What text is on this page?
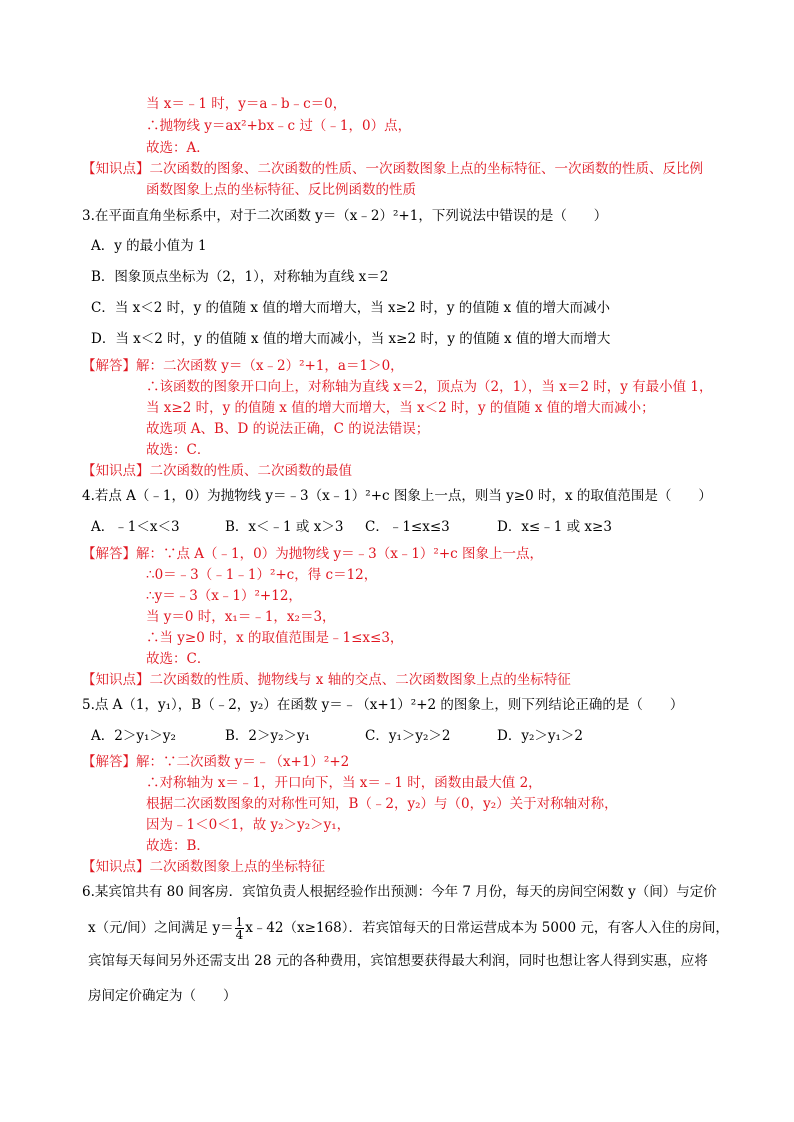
当 x＝﹣1 时，y＝a﹣b﹣c＝0，
∴抛物线 y＝ax²+bx﹣c 过（﹣1，0）点，
故选：A．
【知识点】二次函数的图象、二次函数的性质、一次函数图象上点的坐标特征、一次函数的性质、反比例
函数图象上点的坐标特征、反比例函数的性质
3.在平面直角坐标系中，对于二次函数 y＝（x﹣2）²+1，下列说法中错误的是（　　）
A．y 的最小值为 1
B．图象顶点坐标为（2，1），对称轴为直线 x＝2
C．当 x＜2 时，y 的值随 x 值的增大而增大，当 x≥2 时，y 的值随 x 值的增大而减小
D．当 x＜2 时，y 的值随 x 值的增大而减小，当 x≥2 时，y 的值随 x 值的增大而增大
【解答】解：二次函数 y＝（x﹣2）²+1，a＝1＞0，
∴该函数的图象开口向上，对称轴为直线 x＝2，顶点为（2，1），当 x＝2 时，y 有最小值 1，
当 x≥2 时，y 的值随 x 值的增大而增大，当 x＜2 时，y 的值随 x 值的增大而减小；
故选项 A、B、D 的说法正确，C 的说法错误；
故选：C．
【知识点】二次函数的性质、二次函数的最值
4.若点 A（﹣1，0）为抛物线 y＝﹣3（x﹣1）²+c 图象上一点，则当 y≥0 时，x 的取值范围是（　　）
A．﹣1＜x＜3	B．x＜﹣1 或 x＞3 C．﹣1≤x≤3	D．x≤﹣1 或 x≥3
【解答】解：∵点 A（﹣1，0）为抛物线 y＝﹣3（x﹣1）²+c 图象上一点，
∴0＝﹣3（﹣1﹣1）²+c，得 c＝12，
∴y＝﹣3（x﹣1）²+12，
当 y＝0 时，x₁＝﹣1，x₂＝3，
∴当 y≥0 时，x 的取值范围是﹣1≤x≤3，
故选：C．
【知识点】二次函数的性质、抛物线与 x 轴的交点、二次函数图象上点的坐标特征
5.点 A（1，y₁），B（﹣2，y₂）在函数 y＝﹣（x+1）²+2 的图象上，则下列结论正确的是（　　）
A．2＞y₁＞y₂	B．2＞y₂＞y₁	C．y₁＞y₂＞2	D．y₂＞y₁＞2
【解答】解：∵二次函数 y＝﹣（x+1）²+2
∴对称轴为 x＝﹣1，开口向下，当 x＝﹣1 时，函数由最大值 2，
根据二次函数图象的对称性可知，B（﹣2，y₂）与（0，y₂）关于对称轴对称，
因为﹣1＜0＜1，故 y₂＞y₂＞y₁，
故选：B．
【知识点】二次函数图象上点的坐标特征
6.某宾馆共有 80 间客房．宾馆负责人根据经验作出预测：今年 7 月份，每天的房间空闲数 y（间）与定价
x（元/间）之间满足 $y= \frac{1}{4}$ x﹣42（x≥168）．若宾馆每天的日常运营成本为 5000 元，有客人入住的房间，
宾馆每天每间另外还需支出 28 元的各种费用，宾馆想要获得最大利润，同时也想让客人得到实惠，应将
房间定价确定为（　　）
